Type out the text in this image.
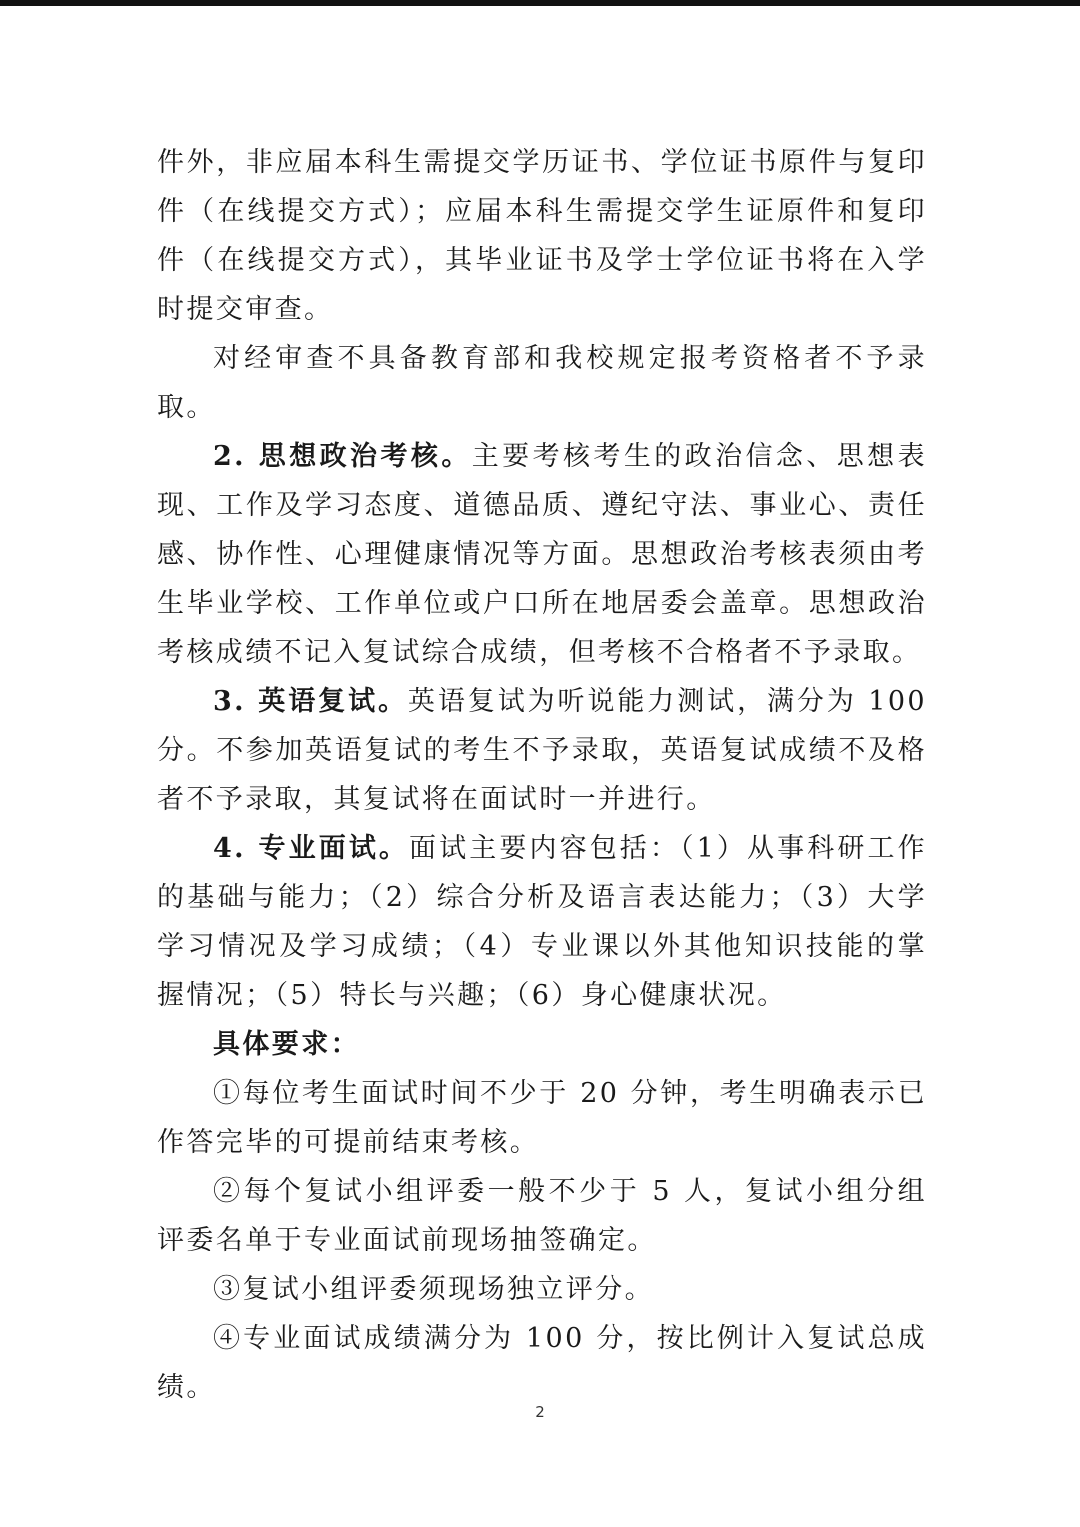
件外，非应届本科生需提交学历证书、学位证书原件与复印件（在线提交方式）；应届本科生需提交学生证原件和复印件（在线提交方式），其毕业证书及学士学位证书将在入学时提交审查。

对经审查不具备教育部和我校规定报考资格者不予录取。

2. 思想政治考核。主要考核考生的政治信念、思想表现、工作及学习态度、道德品质、遵纪守法、事业心、责任感、协作性、心理健康情况等方面。思想政治考核表须由考生毕业学校、工作单位或户口所在地居委会盖章。思想政治考核成绩不记入复试综合成绩，但考核不合格者不予录取。

3. 英语复试。英语复试为听说能力测试，满分为 100 分。不参加英语复试的考生不予录取，英语复试成绩不及格者不予录取，其复试将在面试时一并进行。

4. 专业面试。面试主要内容包括：（1）从事科研工作的基础与能力；（2）综合分析及语言表达能力；（3）大学学习情况及学习成绩；（4）专业课以外其他知识技能的掌握情况；（5）特长与兴趣；（6）身心健康状况。

具体要求：

①每位考生面试时间不少于 20 分钟，考生明确表示已作答完毕的可提前结束考核。

②每个复试小组评委一般不少于 5 人，复试小组分组评委名单于专业面试前现场抽签确定。

③复试小组评委须现场独立评分。

④专业面试成绩满分为 100 分，按比例计入复试总成绩。

2
